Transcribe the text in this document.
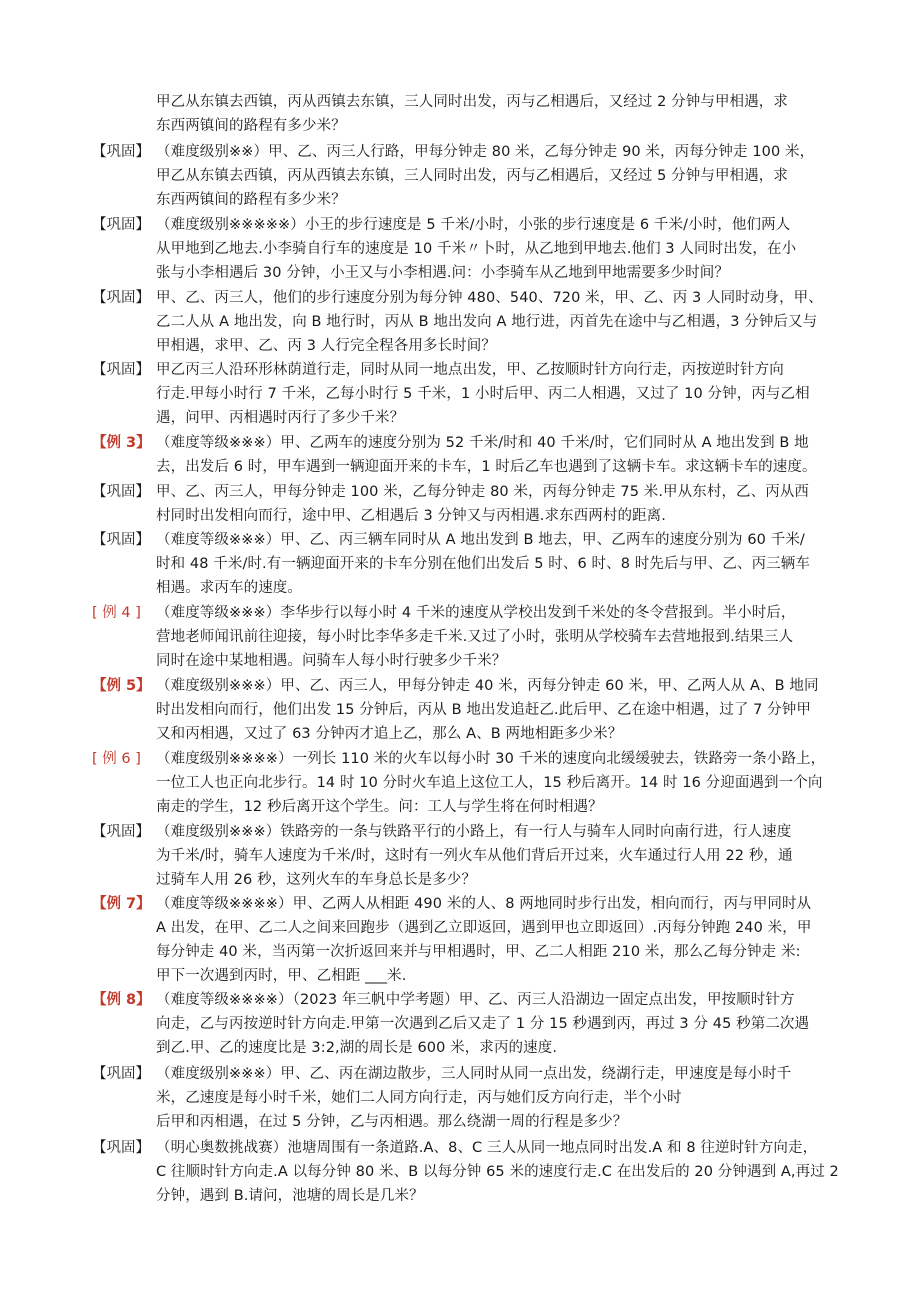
甲乙从东镇去西镇，丙从西镇去东镇，三人同时出发，丙与乙相遇后，又经过 2 分钟与甲相遇，求
东西两镇间的路程有多少米？
【巩固】 （难度级别※※）甲、乙、丙三人行路，甲每分钟走 80 米，乙每分钟走 90 米，丙每分钟走 100 米，
甲乙从东镇去西镇，丙从西镇去东镇，三人同时出发，丙与乙相遇后，又经过 5 分钟与甲相遇，求
东西两镇间的路程有多少米？
【巩固】 （难度级别※※※※※）小王的步行速度是 5 千米/小时，小张的步行速度是 6 千米/小时，他们两人
从甲地到乙地去.小李骑自行车的速度是 10 千米〃卜时，从乙地到甲地去.他们 3 人同时出发，在小
张与小李相遇后 30 分钟，小王又与小李相遇.问：小李骑车从乙地到甲地需要多少时间？
【巩固】 甲、乙、丙三人，他们的步行速度分别为每分钟 480、540、720 米，甲、乙、丙 3 人同时动身，甲、
乙二人从 A 地出发，向 B 地行时，丙从 B 地出发向 A 地行进，丙首先在途中与乙相遇，3 分钟后又与
甲相遇，求甲、乙、丙 3 人行完全程各用多长时间？
【巩固】 甲乙丙三人沿环形林荫道行走，同时从同一地点出发，甲、乙按顺时针方向行走，丙按逆时针方向
行走.甲每小时行 7 千米，乙每小时行 5 千米，1 小时后甲、丙二人相遇，又过了 10 分钟，丙与乙相
遇，问甲、丙相遇时丙行了多少千米？
【例 3】 （难度等级※※※）甲、乙两车的速度分别为 52 千米/时和 40 千米/时，它们同时从 A 地出发到 B 地
去，出发后 6 时，甲车遇到一辆迎面开来的卡车，1 时后乙车也遇到了这辆卡车。求这辆卡车的速度。
【巩固】 甲、乙、丙三人，甲每分钟走 100 米，乙每分钟走 80 米，丙每分钟走 75 米.甲从东村，乙、丙从西
村同时出发相向而行，途中甲、乙相遇后 3 分钟又与丙相遇.求东西两村的距离.
【巩固】 （难度等级※※※）甲、乙、丙三辆车同时从 A 地出发到 B 地去，甲、乙两车的速度分别为 60 千米/
时和 48 千米/时.有一辆迎面开来的卡车分别在他们出发后 5 时、6 时、8 时先后与甲、乙、丙三辆车
相遇。求丙车的速度。
[ 例 4 ] （难度等级※※※）李华步行以每小时 4 千米的速度从学校出发到千米处的冬令营报到。半小时后，
营地老师闻讯前往迎接，每小时比李华多走千米.又过了小时，张明从学校骑车去营地报到.结果三人
同时在途中某地相遇。问骑车人每小时行驶多少千米？
【例 5】 （难度级别※※※）甲、乙、丙三人，甲每分钟走 40 米，丙每分钟走 60 米，甲、乙两人从 A、B 地同
时出发相向而行，他们出发 15 分钟后，丙从 B 地出发追赶乙.此后甲、乙在途中相遇，过了 7 分钟甲
又和丙相遇，又过了 63 分钟丙才追上乙，那么 A、B 两地相距多少米？
[ 例 6 ] （难度级别※※※※）一列长 110 米的火车以每小时 30 千米的速度向北缓缓驶去，铁路旁一条小路上，
一位工人也正向北步行。14 时 10 分时火车追上这位工人，15 秒后离开。14 时 16 分迎面遇到一个向
南走的学生，12 秒后离开这个学生。问：工人与学生将在何时相遇？
【巩固】 （难度级别※※※）铁路旁的一条与铁路平行的小路上，有一行人与骑车人同时向南行进，行人速度
为千米/时，骑车人速度为千米/时，这时有一列火车从他们背后开过来，火车通过行人用 22 秒，通
过骑车人用 26 秒，这列火车的车身总长是多少？
【例 7】 （难度等级※※※※）甲、乙两人从相距 490 米的人、8 两地同时步行出发，相向而行，丙与甲同时从
A 出发，在甲、乙二人之间来回跑步（遇到乙立即返回，遇到甲也立即返回）.丙每分钟跑 240 米，甲
每分钟走 40 米，当丙第一次折返回来并与甲相遇时，甲、乙二人相距 210 米，那么乙每分钟走 米:
甲下一次遇到丙时，甲、乙相距 ___米.
【例 8】 （难度等级※※※※）（2023 年三帆中学考题）甲、乙、丙三人沿湖边一固定点出发，甲按顺时针方
向走，乙与丙按逆时针方向走.甲第一次遇到乙后又走了 1 分 15 秒遇到丙，再过 3 分 45 秒第二次遇
到乙.甲、乙的速度比是 3:2,湖的周长是 600 米，求丙的速度.
【巩固】 （难度级别※※※）甲、乙、丙在湖边散步，三人同时从同一点出发，绕湖行走，甲速度是每小时千
米，乙速度是每小时千米，她们二人同方向行走，丙与她们反方向行走，半个小时
后甲和丙相遇，在过 5 分钟，乙与丙相遇。那么绕湖一周的行程是多少？
【巩固】 （明心奥数挑战赛）池塘周围有一条道路.A、8、C 三人从同一地点同时出发.A 和 8 往逆时针方向走，
C 往顺时针方向走.A 以每分钟 80 米、B 以每分钟 65 米的速度行走.C 在出发后的 20 分钟遇到 A,再过 2
分钟，遇到 B.请问，池塘的周长是几米？
